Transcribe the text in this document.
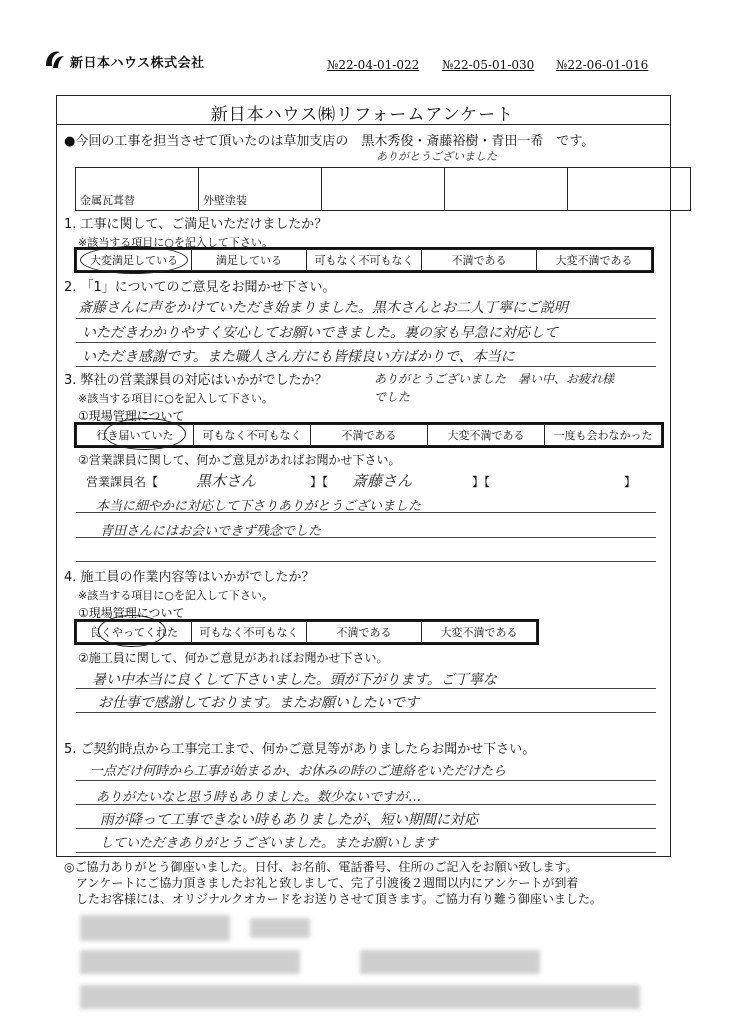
新日本ハウス株式会社	№22-04-01-022 №22-05-01-030 №22-06-01-016
新日本ハウス㈱リフォームアンケート
●今回の工事を担当させて頂いたのは草加支店の　黒木秀俊・斎藤裕樹・青田一希　です。
ありがとうございました
金属瓦葺替	外壁塗装			
1. 工事に関して、ご満足いただけましたか？
※該当する項目に○を記入して下さい。
大変満足している	満足している	可もなく不可もなく	不満である	大変不満である
2. 「1」についてのご意見をお聞かせ下さい。
斎藤さんに声をかけていただき始まりました。黒木さんとお二人丁寧にご説明
いただきわかりやすく安心してお願いできました。裏の家も早急に対応して
いただき感謝です。また職人さん方にも皆様良い方ばかりで、本当に
3. 弊社の営業課員の対応はいかがでしたか？	ありがとうございました　暑い中、お疲れ様
でした
※該当する項目に○を記入して下さい。
①現場管理について
行き届いていた	可もなく不可もなく	不満である	大変不満である	一度も会わなかった
②営業課員に関して、何かご意見があればお聞かせ下さい。
営業課員名【	黒木さん	】【 斎藤さん	】【	】
本当に細やかに対応して下さりありがとうございました
青田さんにはお会いできず残念でした
4. 施工員の作業内容等はいかがでしたか？
※該当する項目に○を記入して下さい。
①現場管理について
良くやってくれた	可もなく不可もなく	不満である	大変不満である
②施工員に関して、何かご意見があればお聞かせ下さい。
暑い中本当に良くして下さいました。頭が下がります。ご丁寧な
お仕事で感謝しております。またお願いしたいです
5. ご契約時点から工事完工まで、何かご意見等がありましたらお聞かせ下さい。
一点だけ何時から工事が始まるか、お休みの時のご連絡をいただけたら
ありがたいなと思う時もありました。数少ないですが…
雨が降って工事できない時もありましたが、短い期間に対応
していただきありがとうございました。またお願いします
◎ご協力ありがとう御座いました。日付、お名前、電話番号、住所のご記入をお願い致します。
アンケートにご協力頂きましたお礼と致しまして、完了引渡後２週間以内にアンケートが到着
したお客様には、オリジナルクオカードをお送りさせて頂きます。ご協力有り難う御座いました。
